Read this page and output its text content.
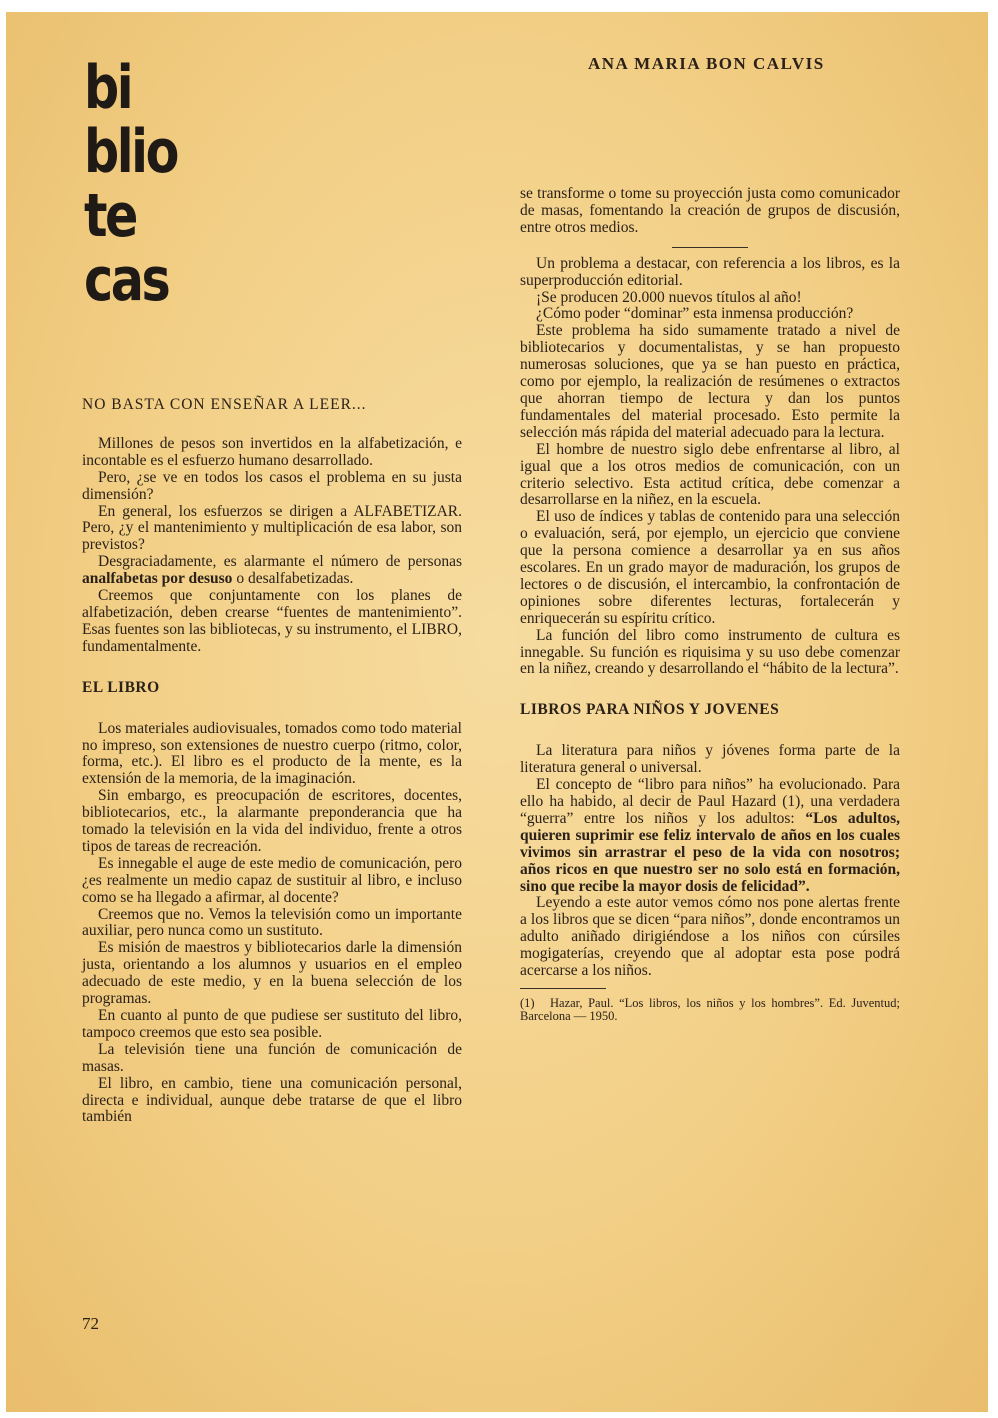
bi
blio
te
cas
ANA MARIA BON CALVIS

NO BASTA CON ENSEÑAR A LEER...

Millones de pesos son invertidos en la alfabetización, e incontable es el esfuerzo humano desarrollado.

Pero, ¿se ve en todos los casos el problema en su justa dimensión?

En general, los esfuerzos se dirigen a ALFABETIZAR. Pero, ¿y el mantenimiento y multiplicación de esa labor, son previstos?

Desgraciadamente, es alarmante el número de personas analfabetas por desuso o desalfabetizadas.

Creemos que conjuntamente con los planes de alfabetización, deben crearse “fuentes de mantenimiento”. Esas fuentes son las bibliotecas, y su instrumento, el LIBRO, fundamentalmente.

EL LIBRO

Los materiales audiovisuales, tomados como todo material no impreso, son extensiones de nuestro cuerpo (ritmo, color, forma, etc.). El libro es el producto de la mente, es la extensión de la memoria, de la imaginación.

Sin embargo, es preocupación de escritores, docentes, bibliotecarios, etc., la alarmante preponderancia que ha tomado la televisión en la vida del individuo, frente a otros tipos de tareas de recreación.

Es innegable el auge de este medio de comunicación, pero ¿es realmente un medio capaz de sustituir al libro, e incluso como se ha llegado a afirmar, al docente?

Creemos que no. Vemos la televisión como un importante auxiliar, pero nunca como un sustituto.

Es misión de maestros y bibliotecarios darle la dimensión justa, orientando a los alumnos y usuarios en el empleo adecuado de este medio, y en la buena selección de los programas.

En cuanto al punto de que pudiese ser sustituto del libro, tampoco creemos que esto sea posible.

La televisión tiene una función de comunicación de masas.

El libro, en cambio, tiene una comunicación personal, directa e individual, aunque debe tratarse de que el libro también

se transforme o tome su proyección justa como comunicador de masas, fomentando la creación de grupos de discusión, entre otros medios.

Un problema a destacar, con referencia a los libros, es la superproducción editorial.

¡Se producen 20.000 nuevos títulos al año!

¿Cómo poder “dominar” esta inmensa producción?

Este problema ha sido sumamente tratado a nivel de bibliotecarios y documentalistas, y se han propuesto numerosas soluciones, que ya se han puesto en práctica, como por ejemplo, la realización de resúmenes o extractos que ahorran tiempo de lectura y dan los puntos fundamentales del material procesado. Esto permite la selección más rápida del material adecuado para la lectura.

El hombre de nuestro siglo debe enfrentarse al libro, al igual que a los otros medios de comunicación, con un criterio selectivo. Esta actitud crítica, debe comenzar a desarrollarse en la niñez, en la escuela.

El uso de índices y tablas de contenido para una selección o evaluación, será, por ejemplo, un ejercicio que conviene que la persona comience a desarrollar ya en sus años escolares. En un grado mayor de maduración, los grupos de lectores o de discusión, el intercambio, la confrontación de opiniones sobre diferentes lecturas, fortalecerán y enriquecerán su espíritu crítico.

La función del libro como instrumento de cultura es innegable. Su función es riquisima y su uso debe comenzar en la niñez, creando y desarrollando el “hábito de la lectura”.

LIBROS PARA NIÑOS Y JOVENES

La literatura para niños y jóvenes forma parte de la literatura general o universal.

El concepto de “libro para niños” ha evolucionado. Para ello ha habido, al decir de Paul Hazard (1), una verdadera “guerra” entre los niños y los adultos: “Los adultos, quieren suprimir ese feliz intervalo de años en los cuales vivimos sin arrastrar el peso de la vida con nosotros; años ricos en que nuestro ser no solo está en formación, sino que recibe la mayor dosis de felicidad”.

Leyendo a este autor vemos cómo nos pone alertas frente a los libros que se dicen “para niños”, donde encontramos un adulto aniñado dirigiéndose a los niños con cúrsiles mogigaterías, creyendo que al adoptar esta pose podrá acercarse a los niños.

(1) Hazar, Paul. “Los libros, los niños y los hombres”. Ed. Juventud; Barcelona — 1950.

72
